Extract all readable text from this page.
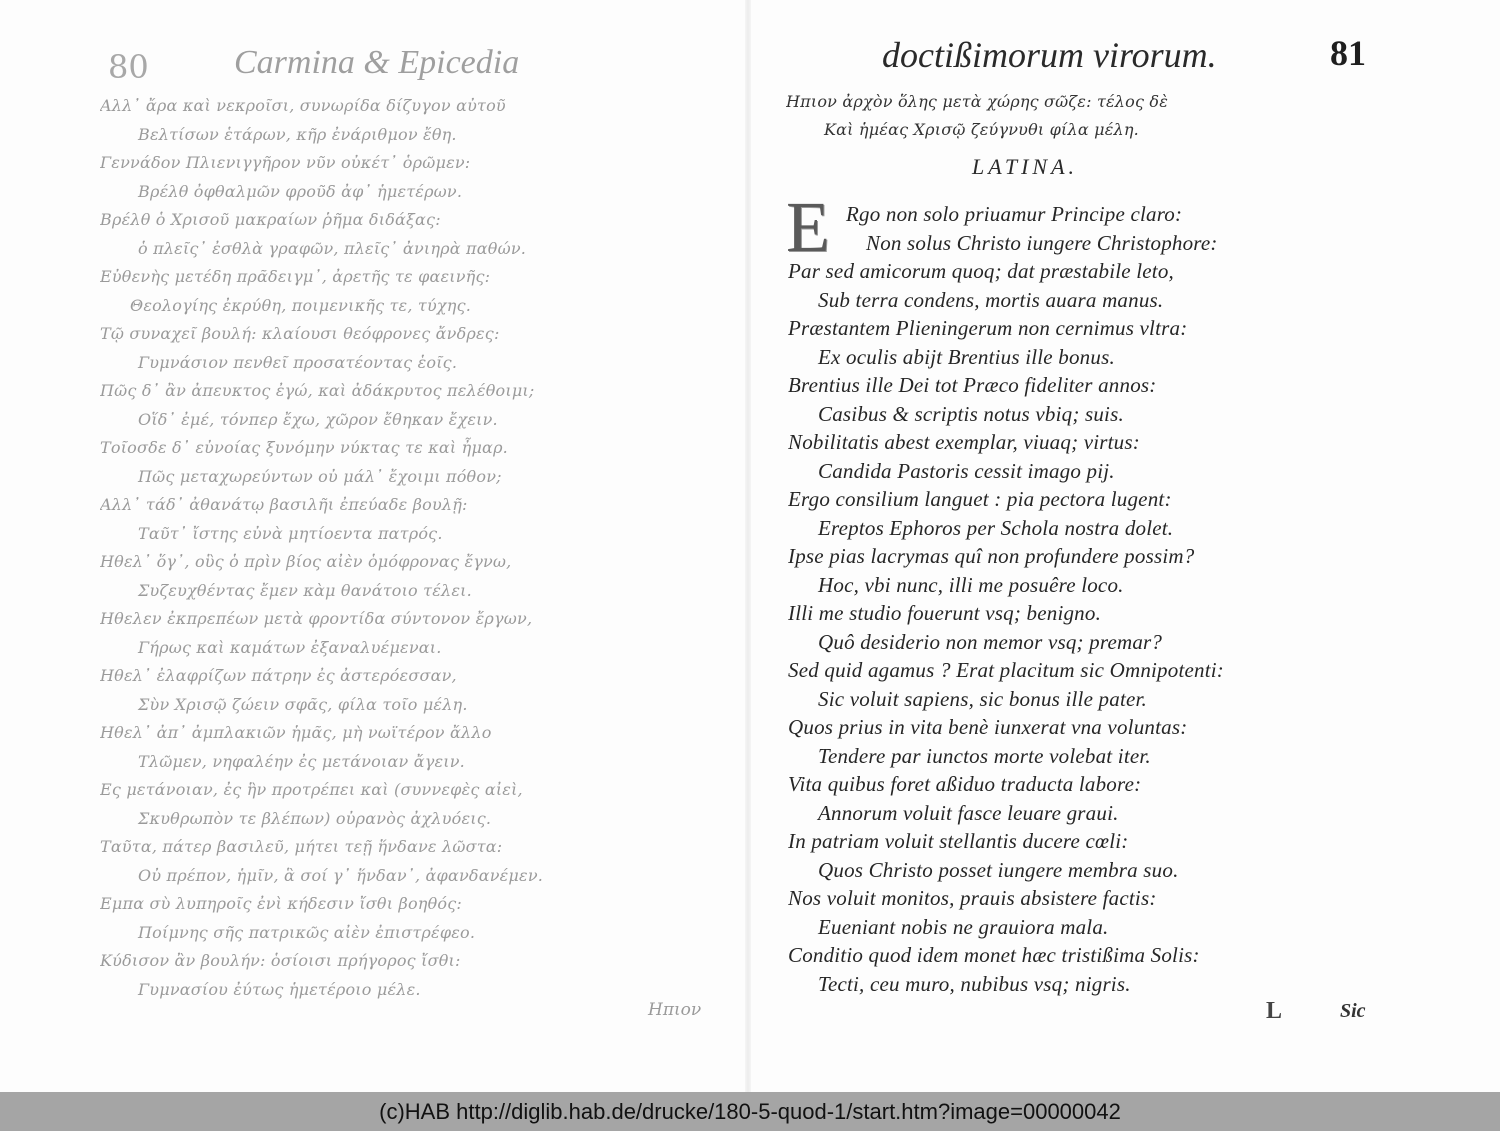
80	Carmina & Epicedia
Αλλ᾽ ἄρα καὶ νεκροῖσι, συνωρίδα δίζυγον αὐτοῦ
Βελτίσων ἑτάρων, κῆρ ἐνάριθμον ἔθη.
Γεννάδον Πλιενιγγῆρον νῦν οὐκέτ᾽ ὁρῶμεν:
Βρέλθ ὀφθαλμῶν φροῦδ ἀφ᾽ ἡμετέρων.
Βρέλθ ὁ Χρισοῦ μακραίων ῥῆμα διδάξας:
ὁ πλεῖς᾽ ἐσθλὰ γραφῶν, πλεῖς᾽ ἀνιηρὰ παθών.
Εὐθενὴς μετέδη πρᾶδειγμ᾽, ἀρετῆς τε φαεινῆς:
Θεολογίης ἐκρύθη, ποιμενικῆς τε, τύχης.
Τῷ συναχεῖ βουλή: κλαίουσι θεόφρονες ἄνδρες:
Γυμνάσιον πενθεῖ προσατέοντας ἑοῖς.
Πῶς δ᾽ ἂν ἀπευκτος ἐγώ, καὶ ἀδάκρυτος πελέθοιμι;
Οἵδ᾽ ἐμέ, τόνπερ ἔχω, χῶρον ἔθηκαν ἔχειν.
Τοῖοσδε δ᾽ εὐνοίας ξυνόμην νύκτας τε καὶ ἦμαρ.
Πῶς μεταχωρεύντων οὐ μάλ᾽ ἔχοιμι πόθον;
Αλλ᾽ τάδ᾽ ἀθανάτῳ βασιλῆι ἐπεύαδε βουλῇ:
Ταῦτ᾽ ἴστης εὐνὰ μητίοεντα πατρός.
Ηθελ᾽ ὅγ᾽, οὓς ὁ πρὶν βίος αἰὲν ὁμόφρονας ἔγνω,
Συζευχθέντας ἔμεν κὰμ θανάτοιο τέλει.
Ηθελεν ἐκπρεπέων μετὰ φροντίδα σύντονον ἔργων,
Γήρως καὶ καμάτων ἐξαναλυέμεναι.
Ηθελ᾽ ἐλαφρίζων πάτρην ἐς ἀστερόεσσαν,
Σὺν Χρισῷ ζώειν σφᾶς, φίλα τοῖο μέλη.
Ηθελ᾽ ἀπ᾽ ἀμπλακιῶν ἡμᾶς, μὴ νωϊτέρον ἄλλο
Τλῶμεν, νηφαλέην ἐς μετάνοιαν ἄγειν.
Ες μετάνοιαν, ἐς ἣν προτρέπει καὶ (συννεφὲς αἰεὶ,
Σκυθρωπὸν τε βλέπων) οὐρανὸς ἀχλυόεις.
Ταῦτα, πάτερ βασιλεῦ, μήτει τεῇ ἥνδανε λῶστα:
Οὐ πρέπον, ἡμῖν, ἃ σοί γ᾽ ἥνδαν᾽, ἀφανδανέμεν.
Εμπα σὺ λυπηροῖς ἐνὶ κήδεσιν ἴσθι βοηθός:
Ποίμνης σῆς πατρικῶς αἰὲν ἐπιστρέφεο.
Κύδισον ἂν βουλήν: ὁσίοισι πρήγορος ἴσθι:
Γυμνασίου ἐύτως ἡμετέροιο μέλε.
Ηπιον
doctißimorum virorum.	81
Ηπιον ἀρχὸν ὅλης μετὰ χώρης σῶζε: τέλος δὲ
Καὶ ἡμέας Χρισῷ ζεύγνυθι φίλα μέλη.
LATINA.
E Rgo non solo priuamur Principe claro:
Non solus Christo iungere Christophore:
Par sed amicorum quoq; dat præstabile leto,
Sub terra condens, mortis auara manus.
Præstantem Plieningerum non cernimus vltra:
Ex oculis abijt Brentius ille bonus.
Brentius ille Dei tot Præco fideliter annos:
Casibus & scriptis notus vbiq; suis.
Nobilitatis abest exemplar, viuaq; virtus:
Candida Pastoris cessit imago pij.
Ergo consilium languet : pia pectora lugent:
Ereptos Ephoros per Schola nostra dolet.
Ipse pias lacrymas quî non profundere possim?
Hoc, vbi nunc, illi me posuêre loco.
Illi me studio fouerunt vsq; benigno.
Quô desiderio non memor vsq; premar?
Sed quid agamus ? Erat placitum sic Omnipotenti:
Sic voluit sapiens, sic bonus ille pater.
Quos prius in vita benè iunxerat vna voluntas:
Tendere par iunctos morte volebat iter.
Vita quibus foret aßiduo traducta labore:
Annorum voluit fasce leuare graui.
In patriam voluit stellantis ducere cœli:
Quos Christo posset iungere membra suo.
Nos voluit monitos, prauis absistere factis:
Eueniant nobis ne grauiora mala.
Conditio quod idem monet hæc tristißima Solis:
Tecti, ceu muro, nubibus vsq; nigris.
L	Sic
(c)HAB http://diglib.hab.de/drucke/180-5-quod-1/start.htm?image=00000042
